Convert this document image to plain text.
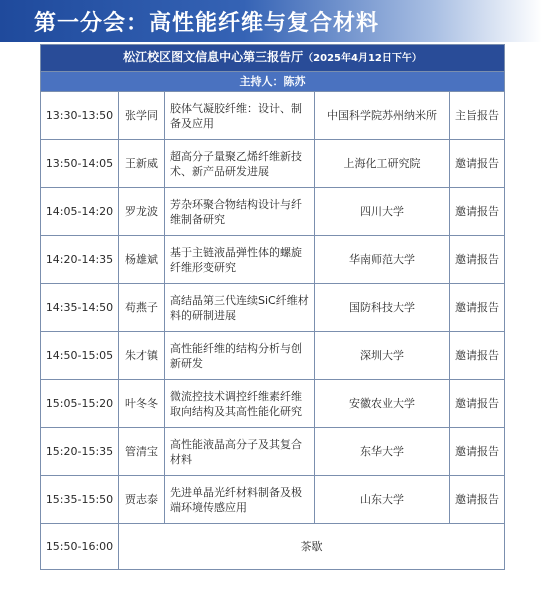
第一分会：高性能纤维与复合材料
松江校区图文信息中心第三报告厅（2025年4月12日下午）				
主持人：陈苏				
13:30-13:50	张学同	胶体气凝胶纤维：设计、制备及应用	中国科学院苏州纳米所	主旨报告
13:50-14:05	王新威	超高分子量聚乙烯纤维新技术、新产品研发进展	上海化工研究院	邀请报告
14:05-14:20	罗龙波	芳杂环聚合物结构设计与纤维制备研究	四川大学	邀请报告
14:20-14:35	杨雄斌	基于主链液晶弹性体的螺旋纤维形变研究	华南师范大学	邀请报告
14:35-14:50	苟燕子	高结晶第三代连续SiC纤维材料的研制进展	国防科技大学	邀请报告
14:50-15:05	朱才镇	高性能纤维的结构分析与创新研发	深圳大学	邀请报告
15:05-15:20	叶冬冬	微流控技术调控纤维素纤维取向结构及其高性能化研究	安徽农业大学	邀请报告
15:20-15:35	管清宝	高性能液晶高分子及其复合材料	东华大学	邀请报告
15:35-15:50	贾志泰	先进单晶光纤材料制备及极端环境传感应用	山东大学	邀请报告
15:50-16:00	茶歇			
